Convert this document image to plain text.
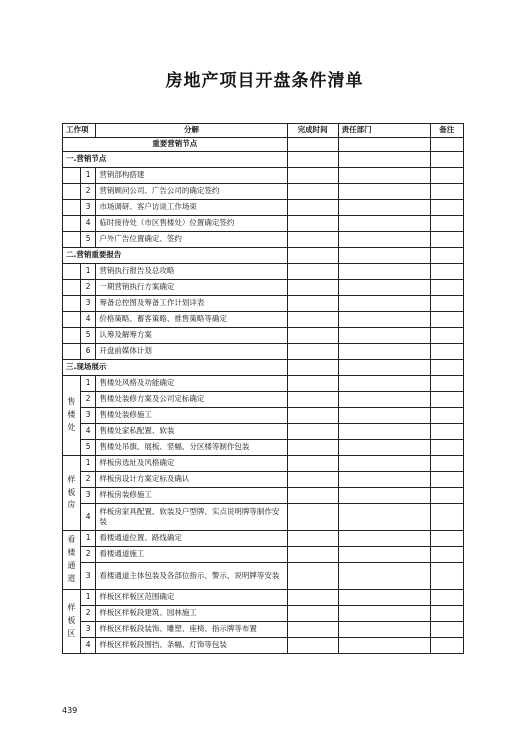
房地产项目开盘条件清单
工作项		分解	完成时间	责任部门	备注
重要营销节点					
一.营销节点					
	1	营销部构搭建			
	2	营销顾问公司、广告公司的确定签约			
	3	市场调研、客户访谈工作场束			
	4	临时接待处（市区售楼处）位置确定签约			
	5	户外广告位置确定、签约			
二.营销重要报告					
	1	营销执行报告及总攻略			
	2	一期营销执行方案确定			
	3	筹备总控图及筹备工作计划详表			
	4	价格策略、蓄客策略、推售策略等确定			
	5	认筹及解筹方案			
	6	开盘前媒体计划			
三.现场展示					
售楼处	1	售楼处风格及功能确定			
	2	售楼处装修方案及公司定标确定			
	3	售楼处装修施工			
	4	售楼处家私配置、软装			
	5	售楼处吊旗、展板、竖幅、分区楼等制作包装			
样板房	1	样板房选址及风格确定			
	2	样板房设计方案定标及确认			
	3	样板房装修施工			
	4	样板房家具配置、软装及户型牌、实点说明牌等制作安装			
看楼通道	1	看楼通道位置、路线确定			
	2	看楼通道施工			
	3	看楼通道主体包装及各部位指示、警示、说明牌等安装			
样板区	1	样板区样板区范围确定			
	2	样板区样板段建筑、园林施工			
	3	样板区样板段装饰、雕塑、座椅、指示牌等布置			
	4	样板区样板段围挡、条幅、灯饰等包装			
439
